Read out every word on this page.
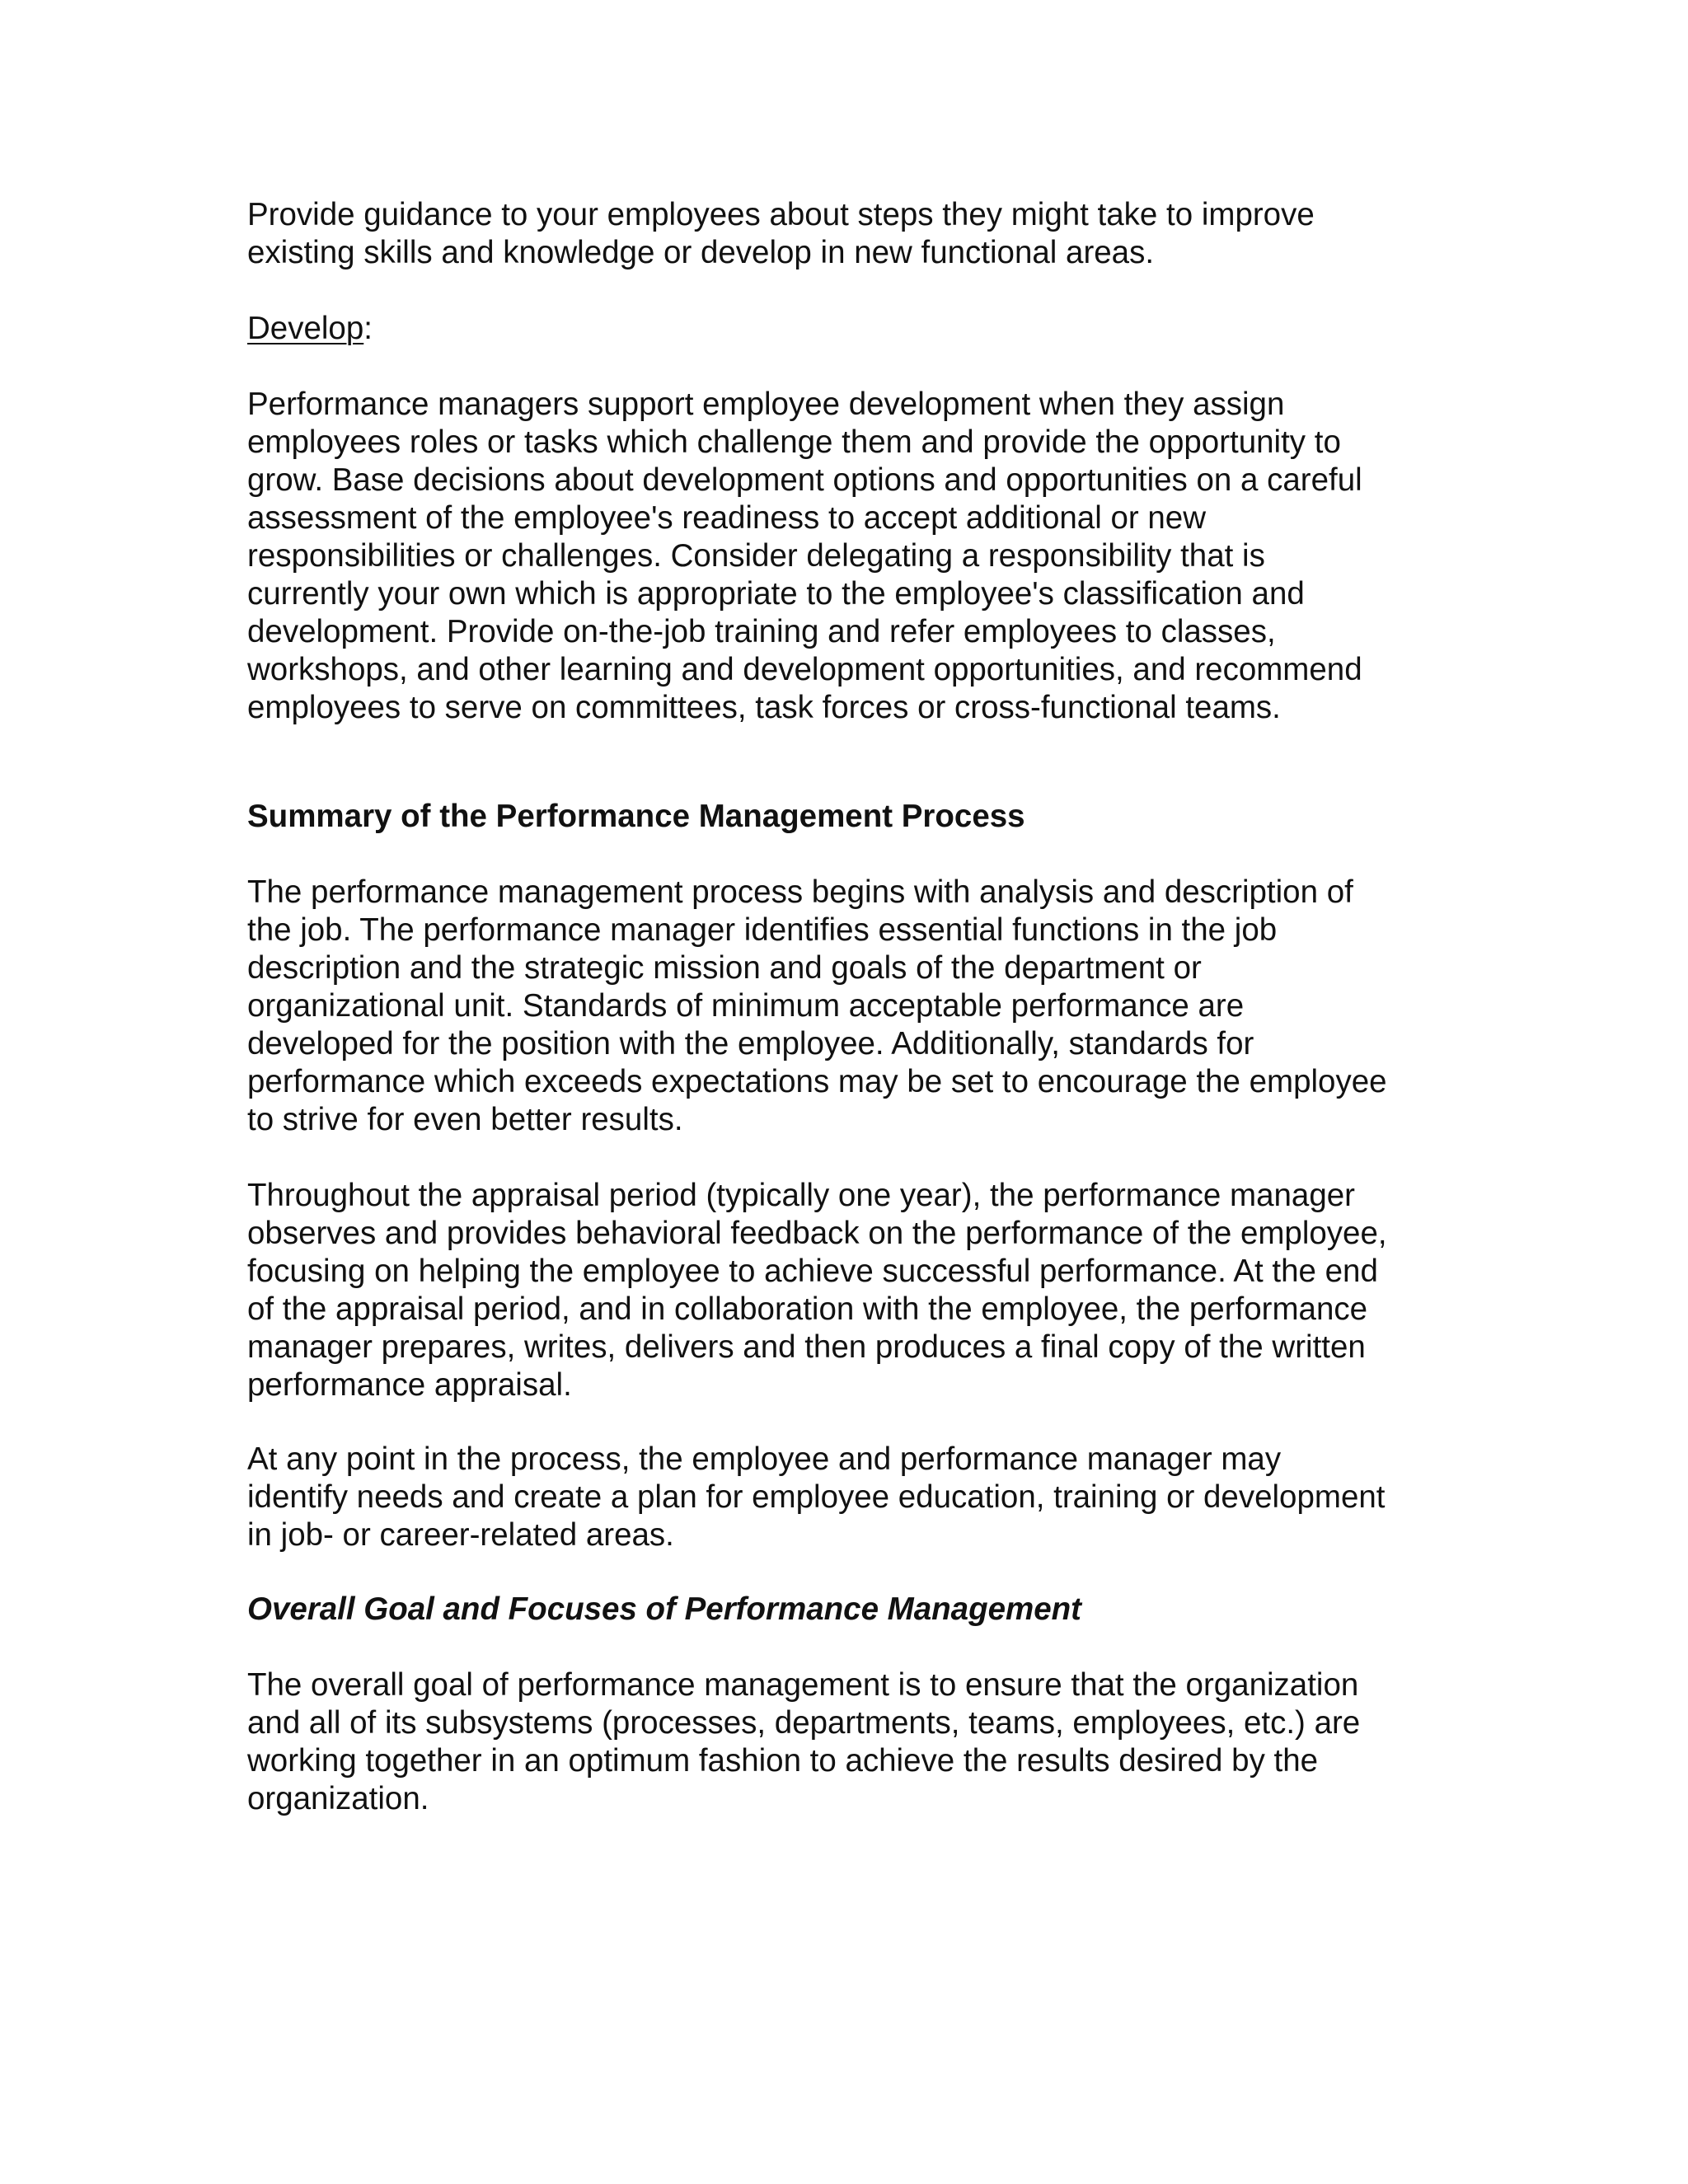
Provide guidance to your employees about steps they might take to improve
existing skills and knowledge or develop in new functional areas.

Develop:

Performance managers support employee development when they assign
employees roles or tasks which challenge them and provide the opportunity to
grow. Base decisions about development options and opportunities on a careful
assessment of the employee's readiness to accept additional or new
responsibilities or challenges. Consider delegating a responsibility that is
currently your own which is appropriate to the employee's classification and
development. Provide on-the-job training and refer employees to classes,
workshops, and other learning and development opportunities, and recommend
employees to serve on committees, task forces or cross-functional teams.

Summary of the Performance Management Process

The performance management process begins with analysis and description of
the job. The performance manager identifies essential functions in the job
description and the strategic mission and goals of the department or
organizational unit. Standards of minimum acceptable performance are
developed for the position with the employee. Additionally, standards for
performance which exceeds expectations may be set to encourage the employee
to strive for even better results.

Throughout the appraisal period (typically one year), the performance manager
observes and provides behavioral feedback on the performance of the employee,
focusing on helping the employee to achieve successful performance. At the end
of the appraisal period, and in collaboration with the employee, the performance
manager prepares, writes, delivers and then produces a final copy of the written
performance appraisal.

At any point in the process, the employee and performance manager may
identify needs and create a plan for employee education, training or development
in job- or career-related areas.

Overall Goal and Focuses of Performance Management

The overall goal of performance management is to ensure that the organization
and all of its subsystems (processes, departments, teams, employees, etc.) are
working together in an optimum fashion to achieve the results desired by the
organization.
